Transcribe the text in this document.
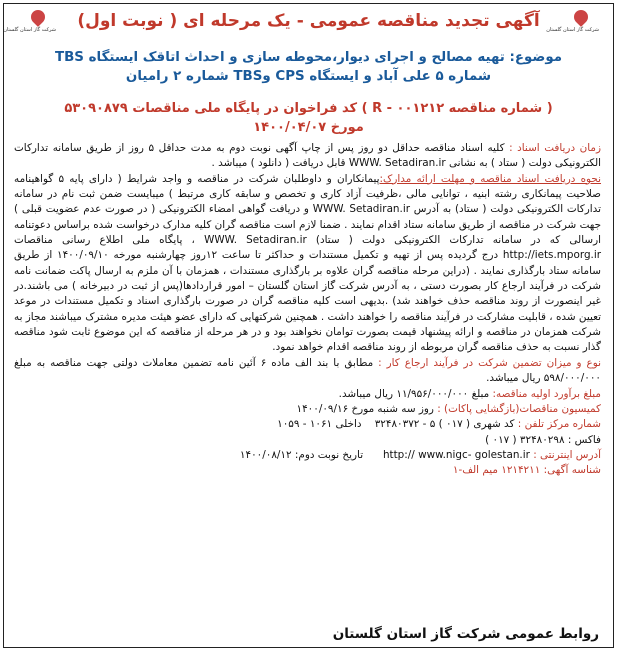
شرکت گاز استان گلستان
شرکت گاز استان گلستان	آگهی تجدید مناقصه عمومی - یک مرحله ای ( نوبت اول)
موضوع: تهیه مصالح و اجرای دیوار،محوطه سازی و احداث اتاقک ایستگاه TBS
شماره ۵ علی آباد و ایستگاه CPS وTBS شماره ۲ رامیان
( شماره مناقصه R - ۰۰۱۲۱۲ ) کد فراخوان در پایگاه ملی مناقصات ۵۳۰۹۰۸۷۹
مورخ ۱۴۰۰/۰۴/۰۷

زمان دریافت اسناد : کلیه اسناد مناقصه حداقل دو روز پس از چاپ آگهی نوبت دوم به مدت حداقل ۵ روز از طریق سامانه تدارکات الکترونیکی دولت ( ستاد ) به نشانی WWW. Setadiran.ir قابل دریافت ( دانلود ) میباشد .

نحوه دریافت اسناد مناقصه و مهلت ارائه مدارک:پیمانکاران و داوطلبان شرکت در مناقصه و واجد شرایط ( دارای پایه ۵ گواهینامه صلاحیت پیمانکاری رشته ابنیه ، توانایی مالی ،ظرفیت آزاد کاری و تخصص و سابقه کاری مرتبط ) میبایست ضمن ثبت نام در سامانه تدارکات الکترونیکی دولت ( ستاد) به آدرس WWW. Setadiran.ir و دریافت گواهی امضاء الکترونیکی ( در صورت عدم عضویت قبلی ) جهت شرکت در مناقصه از طریق سامانه ستاد اقدام نمایند . ضمنا لازم است مناقصه گران کلیه مدارک درخواست شده براساس دعوتنامه ارسالی که در سامانه تدارکات الکترونیکی دولت ( ستاد) WWW. Setadiran.ir ، پایگاه ملی اطلاع رسانی مناقصات http://iets.mporg.ir درج گردیده پس از تهیه و تکمیل مستندات و حداکثر تا ساعت ۱۲روز چهارشنبه مورخه ۱۴۰۰/۰۹/۱۰ از طریق سامانه ستاد بارگذاری نمایند . (دراین مرحله مناقصه گران علاوه بر بارگذاری مستندات ، همزمان با آن ملزم به ارسال پاکت ضمانت نامه شرکت در فرآیند ارجاع کار بصورت دستی ، به آدرس شرکت گاز استان گلستان – امور قراردادها(پس از ثبت در دبیرخانه ) می باشند.در غیر اینصورت از روند مناقصه حذف خواهند شد) .بدیهی است کلیه مناقصه گران در صورت بارگذاری اسناد و تکمیل مستندات در موعد تعیین شده ، قابلیت مشارکت در فرآیند مناقصه را خواهند داشت . همچنین شرکتهایی که دارای عضو هیئت مدیره مشترک میباشند مجاز به شرکت همزمان در مناقصه و ارائه پیشنهاد قیمت بصورت توامان نخواهند بود و در هر مرحله از مناقصه که این موضوع ثابت شود مناقصه گذار نسبت به حذف مناقصه گران مربوطه از روند مناقصه اقدام خواهد نمود.

نوع و میزان تضمین شرکت در فرآیند ارجاع کار : مطابق با بند الف ماده ۶ آئین نامه تضمین معاملات دولتی جهت مناقصه به مبلغ ۵۹۸/۰۰۰/۰۰۰ ریال میباشد.

مبلغ برآورد اولیه مناقصه: مبلغ ۱۱/۹۵۶/۰۰۰/۰۰۰ ریال میباشد.

کمیسیون مناقصات(بازگشایی پاکات) : روز سه شنبه مورخ ۱۴۰۰/۰۹/۱۶

شماره مرکز تلفن : کد شهری ( ۰۱۷ ) ۵ - ۳۲۴۸۰۳۷۲    داخلی ۱۰۶۱ - ۱۰۵۹

فاکس : ۳۲۴۸۰۲۹۸ ( ۰۱۷ )

آدرس اینترنتی : http:// www.nigc- golestan.ir      تاریخ نوبت دوم: ۱۴۰۰/۰۸/۱۲

شناسه آگهی: ۱۲۱۴۲۱۱ میم الف-۱

روابط عمومی شرکت گاز استان گلستان
